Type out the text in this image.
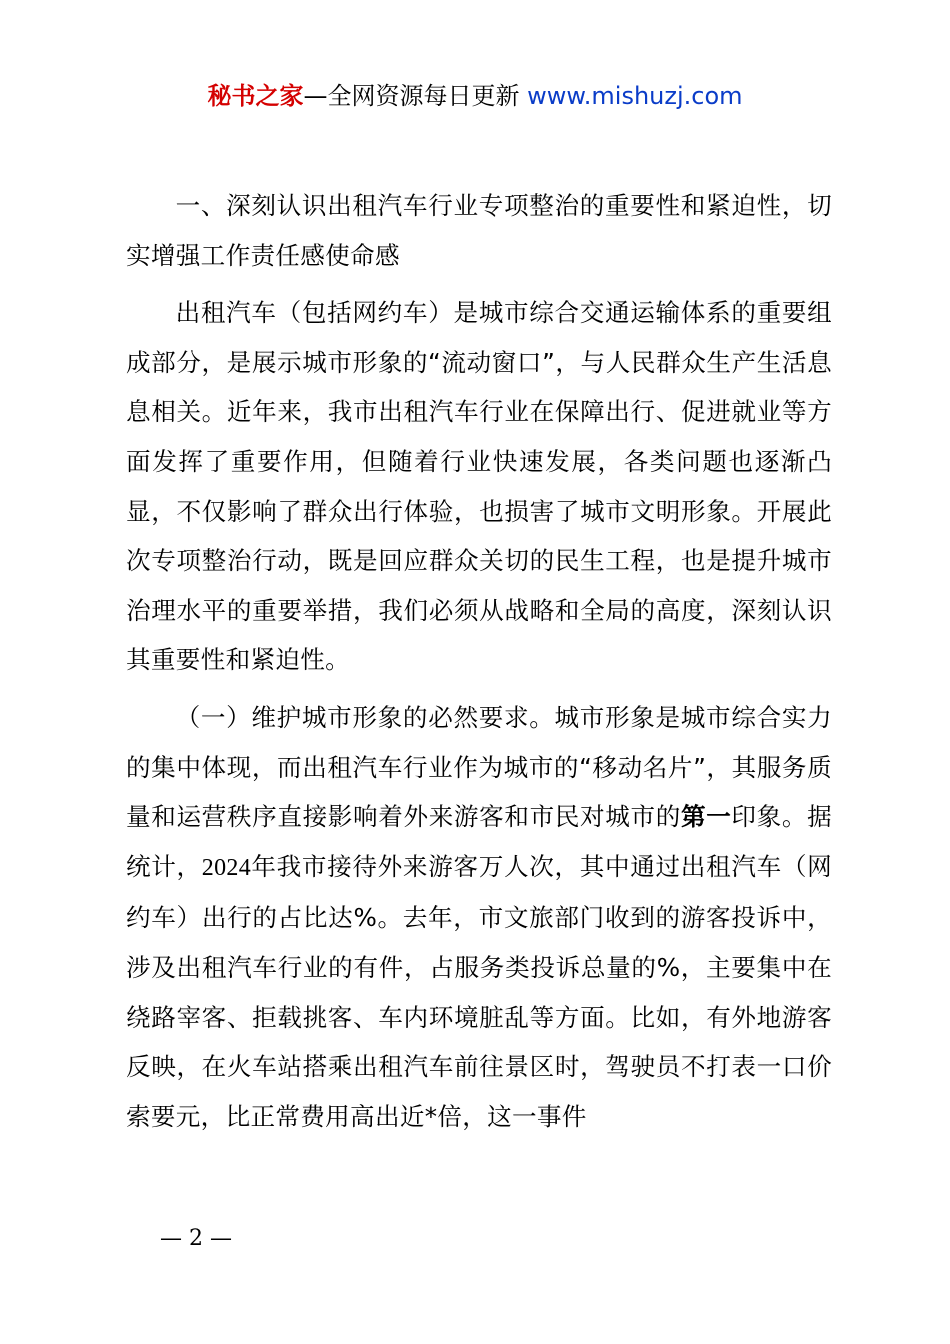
秘书之家—全网资源每日更新 www.mishuzj.com

一、深刻认识出租汽车行业专项整治的重要性和紧迫性，切实增强工作责任感使命感

出租汽车（包括网约车）是城市综合交通运输体系的重要组成部分，是展示城市形象的“流动窗口”，与人民群众生产生活息息相关。近年来，我市出租汽车行业在保障出行、促进就业等方面发挥了重要作用，但随着行业快速发展，各类问题也逐渐凸显，不仅影响了群众出行体验，也损害了城市文明形象。开展此次专项整治行动，既是回应群众关切的民生工程，也是提升城市治理水平的重要举措，我们必须从战略和全局的高度，深刻认识其重要性和紧迫性。

（一）维护城市形象的必然要求。城市形象是城市综合实力的集中体现，而出租汽车行业作为城市的“移动名片”，其服务质量和运营秩序直接影响着外来游客和市民对城市的第一印象。据统计，2024年我市接待外来游客万人次，其中通过出租汽车（网约车）出行的占比达%。去年，市文旅部门收到的游客投诉中，涉及出租汽车行业的有件，占服务类投诉总量的%，主要集中在绕路宰客、拒载挑客、车内环境脏乱等方面。比如，有外地游客反映，在火车站搭乘出租汽车前往景区时，驾驶员不打表一口价索要元，比正常费用高出近*倍，这一事件

— 2 —
